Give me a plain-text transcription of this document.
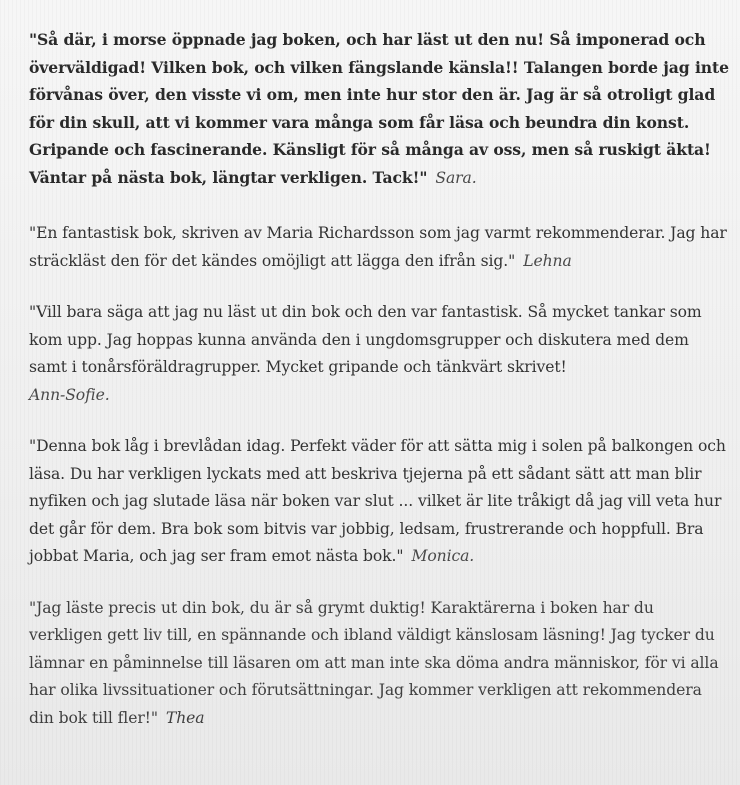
"Så där, i morse öppnade jag boken, och har läst ut den nu! Så imponerad och överväldigad! Vilken bok, och vilken fängslande känsla!! Talangen borde jag inte förvånas över, den visste vi om, men inte hur stor den är. Jag är så otroligt glad för din skull, att vi kommer vara många som får läsa och beundra din konst. Gripande och fascinerande. Känsligt för så många av oss, men så ruskigt äkta! Väntar på nästa bok, längtar verkligen. Tack!" Sara.

"En fantastisk bok, skriven av Maria Richardsson som jag varmt rekommenderar. Jag har sträckläst den för det kändes omöjligt att lägga den ifrån sig." Lehna

"Vill bara säga att jag nu läst ut din bok och den var fantastisk. Så mycket tankar som kom upp. Jag hoppas kunna använda den i ungdomsgrupper och diskutera med dem samt i tonårsföräldragrupper. Mycket gripande och tänkvärt skrivet!
Ann-Sofie.

"Denna bok låg i brevlådan idag. Perfekt väder för att sätta mig i solen på balkongen och läsa. Du har verkligen lyckats med att beskriva tjejerna på ett sådant sätt att man blir nyfiken och jag slutade läsa när boken var slut ... vilket är lite tråkigt då jag vill veta hur det går för dem. Bra bok som bitvis var jobbig, ledsam, frustrerande och hoppfull. Bra jobbat Maria, och jag ser fram emot nästa bok." Monica.

"Jag läste precis ut din bok, du är så grymt duktig! Karaktärerna i boken har du verkligen gett liv till, en spännande och ibland väldigt känslosam läsning! Jag tycker du lämnar en påminnelse till läsaren om att man inte ska döma andra människor, för vi alla har olika livssituationer och förutsättningar. Jag kommer verkligen att rekommendera din bok till fler!" Thea
